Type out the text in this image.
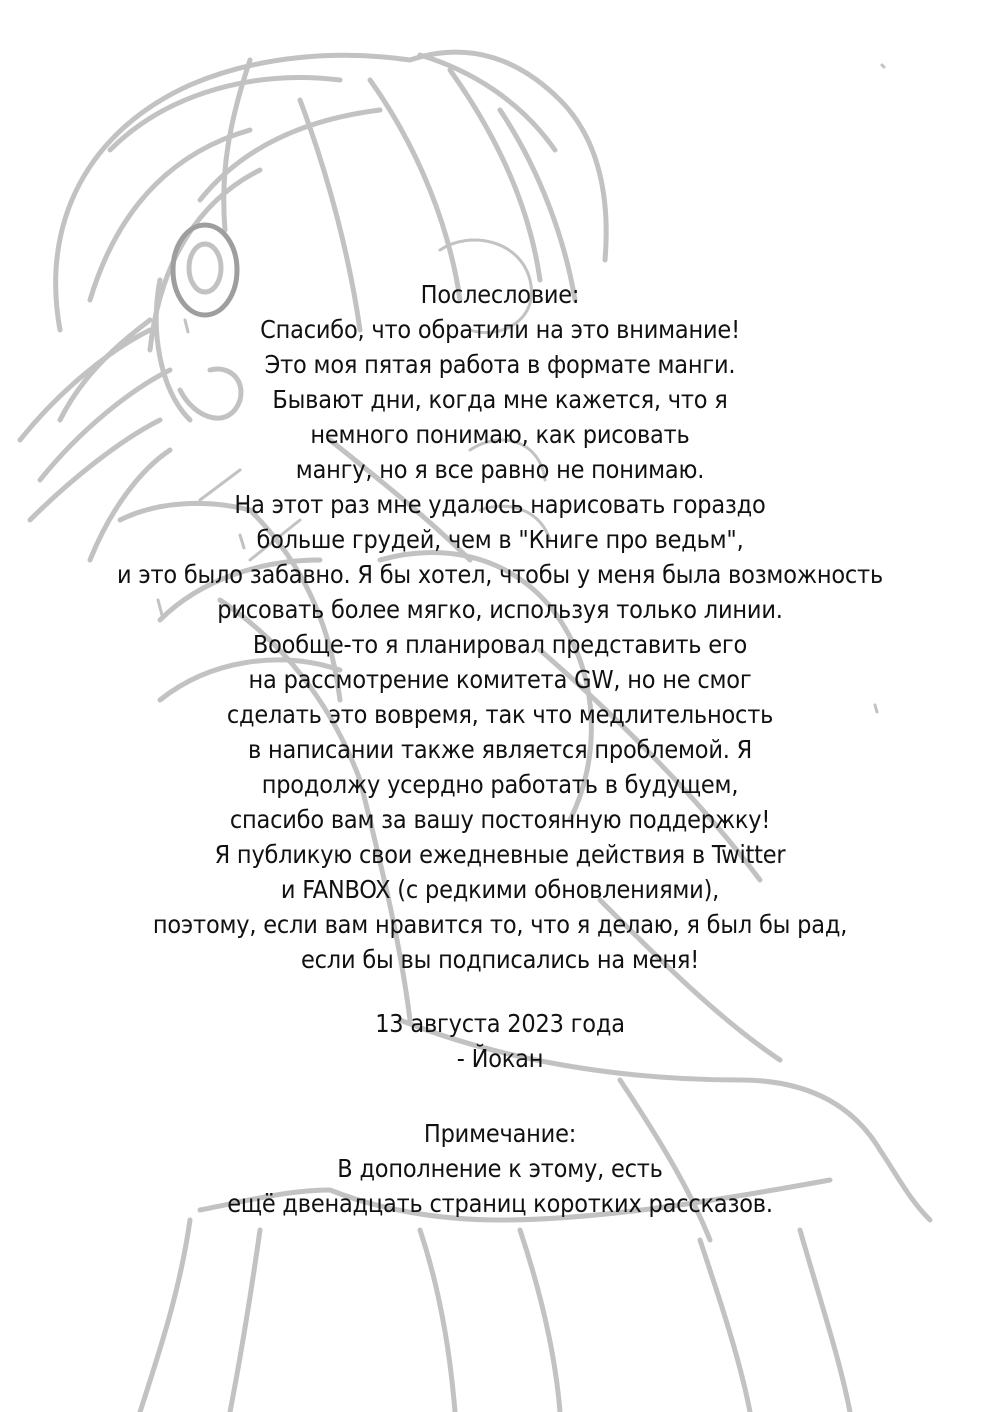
Послесловие:
Спасибо, что обратили на это внимание!
Это моя пятая работа в формате манги.
Бывают дни, когда мне кажется, что я
немного понимаю, как рисовать
мангу, но я все равно не понимаю.
На этот раз мне удалось нарисовать гораздо
больше грудей, чем в "Книге про ведьм",
и это было забавно. Я бы хотел, чтобы у меня была возможность
рисовать более мягко, используя только линии.
Вообще-то я планировал представить его
на рассмотрение комитета GW, но не смог
сделать это вовремя, так что медлительность
в написании также является проблемой. Я
продолжу усердно работать в будущем,
спасибо вам за вашу постоянную поддержку!
Я публикую свои ежедневные действия в Twitter
и FANBOX (с редкими обновлениями),
поэтому, если вам нравится то, что я делаю, я был бы рад,
если бы вы подписались на меня!
13 августа 2023 года
- Йокан
Примечание:
В дополнение к этому, есть
ещё двенадцать страниц коротких рассказов.
